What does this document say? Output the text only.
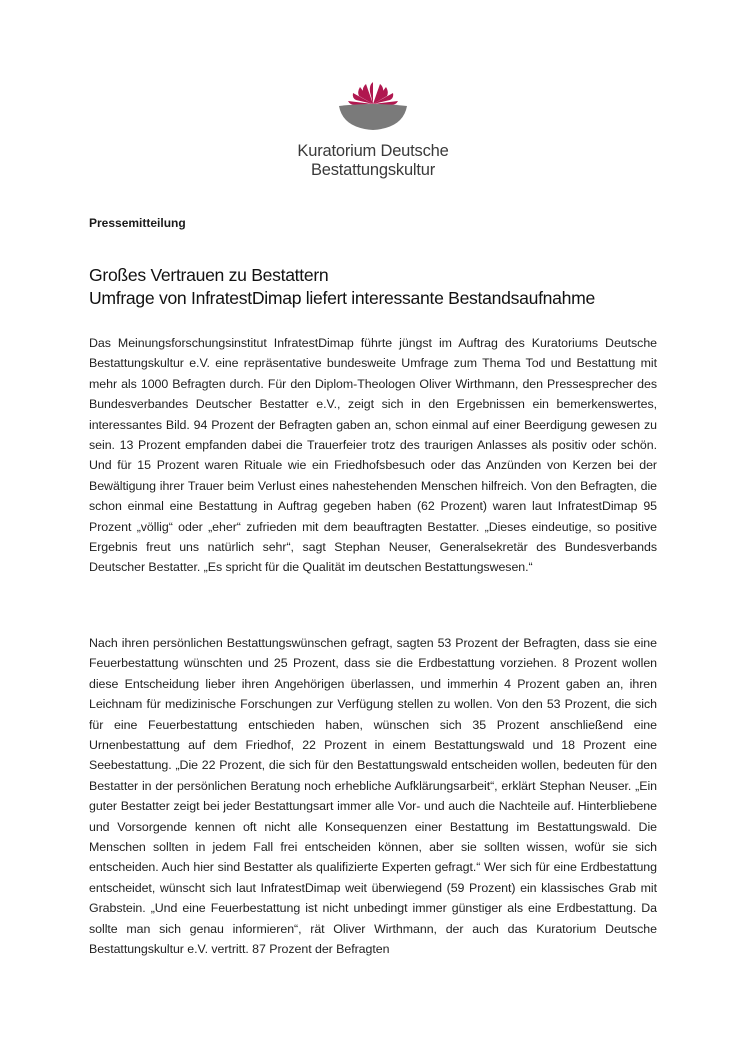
Kuratorium Deutsche
Bestattungskultur
Pressemitteilung
Großes Vertrauen zu Bestattern
Umfrage von InfratestDimap liefert interessante Bestandsaufnahme

Das Meinungsforschungsinstitut InfratestDimap führte jüngst im Auftrag des Kuratoriums Deutsche Bestattungskultur e.V. eine repräsentative bundesweite Umfrage zum Thema Tod und Bestattung mit mehr als 1000 Befragten durch. Für den Diplom-Theologen Oliver Wirthmann, den Pressesprecher des Bundesverbandes Deutscher Bestatter e.V., zeigt sich in den Ergebnissen ein bemerkenswertes, interessantes Bild. 94 Prozent der Befragten gaben an, schon einmal auf einer Beerdigung gewesen zu sein. 13 Prozent empfanden dabei die Trauerfeier trotz des traurigen Anlasses als positiv oder schön. Und für 15 Prozent waren Rituale wie ein Friedhofsbesuch oder das Anzünden von Kerzen bei der Bewältigung ihrer Trauer beim Verlust eines nahestehenden Menschen hilfreich. Von den Befragten, die schon einmal eine Bestattung in Auftrag gegeben haben (62 Prozent) waren laut InfratestDimap 95 Prozent „völlig“ oder „eher“ zufrieden mit dem beauftragten Bestatter. „Dieses eindeutige, so positive Ergebnis freut uns natürlich sehr“, sagt Stephan Neuser, Generalsekretär des Bundesverbands Deutscher Bestatter. „Es spricht für die Qualität im deutschen Bestattungswesen.“

Nach ihren persönlichen Bestattungswünschen gefragt, sagten 53 Prozent der Befragten, dass sie eine Feuerbestattung wünschten und 25 Prozent, dass sie die Erdbestattung vorziehen. 8 Prozent wollen diese Entscheidung lieber ihren Angehörigen überlassen, und immerhin 4 Prozent gaben an, ihren Leichnam für medizinische Forschungen zur Verfügung stellen zu wollen. Von den 53 Prozent, die sich für eine Feuerbestattung entschieden haben, wünschen sich 35 Prozent anschließend eine Urnenbestattung auf dem Friedhof, 22 Prozent in einem Bestattungswald und 18 Prozent eine Seebestattung. „Die 22 Prozent, die sich für den Bestattungswald entscheiden wollen, bedeuten für den Bestatter in der persönlichen Beratung noch erhebliche Aufklärungsarbeit“, erklärt Stephan Neuser. „Ein guter Bestatter zeigt bei jeder Bestattungsart immer alle Vor- und auch die Nachteile auf. Hinterbliebene und Vorsorgende kennen oft nicht alle Konsequenzen einer Bestattung im Bestattungswald. Die Menschen sollten in jedem Fall frei entscheiden können, aber sie sollten wissen, wofür sie sich entscheiden. Auch hier sind Bestatter als qualifizierte Experten gefragt.“ Wer sich für eine Erdbestattung entscheidet, wünscht sich laut InfratestDimap weit überwiegend (59 Prozent) ein klassisches Grab mit Grabstein. „Und eine Feuerbestattung ist nicht unbedingt immer günstiger als eine Erdbestattung. Da sollte man sich genau informieren“, rät Oliver Wirthmann, der auch das Kuratorium Deutsche Bestattungskultur e.V. vertritt. 87 Prozent der Befragten
